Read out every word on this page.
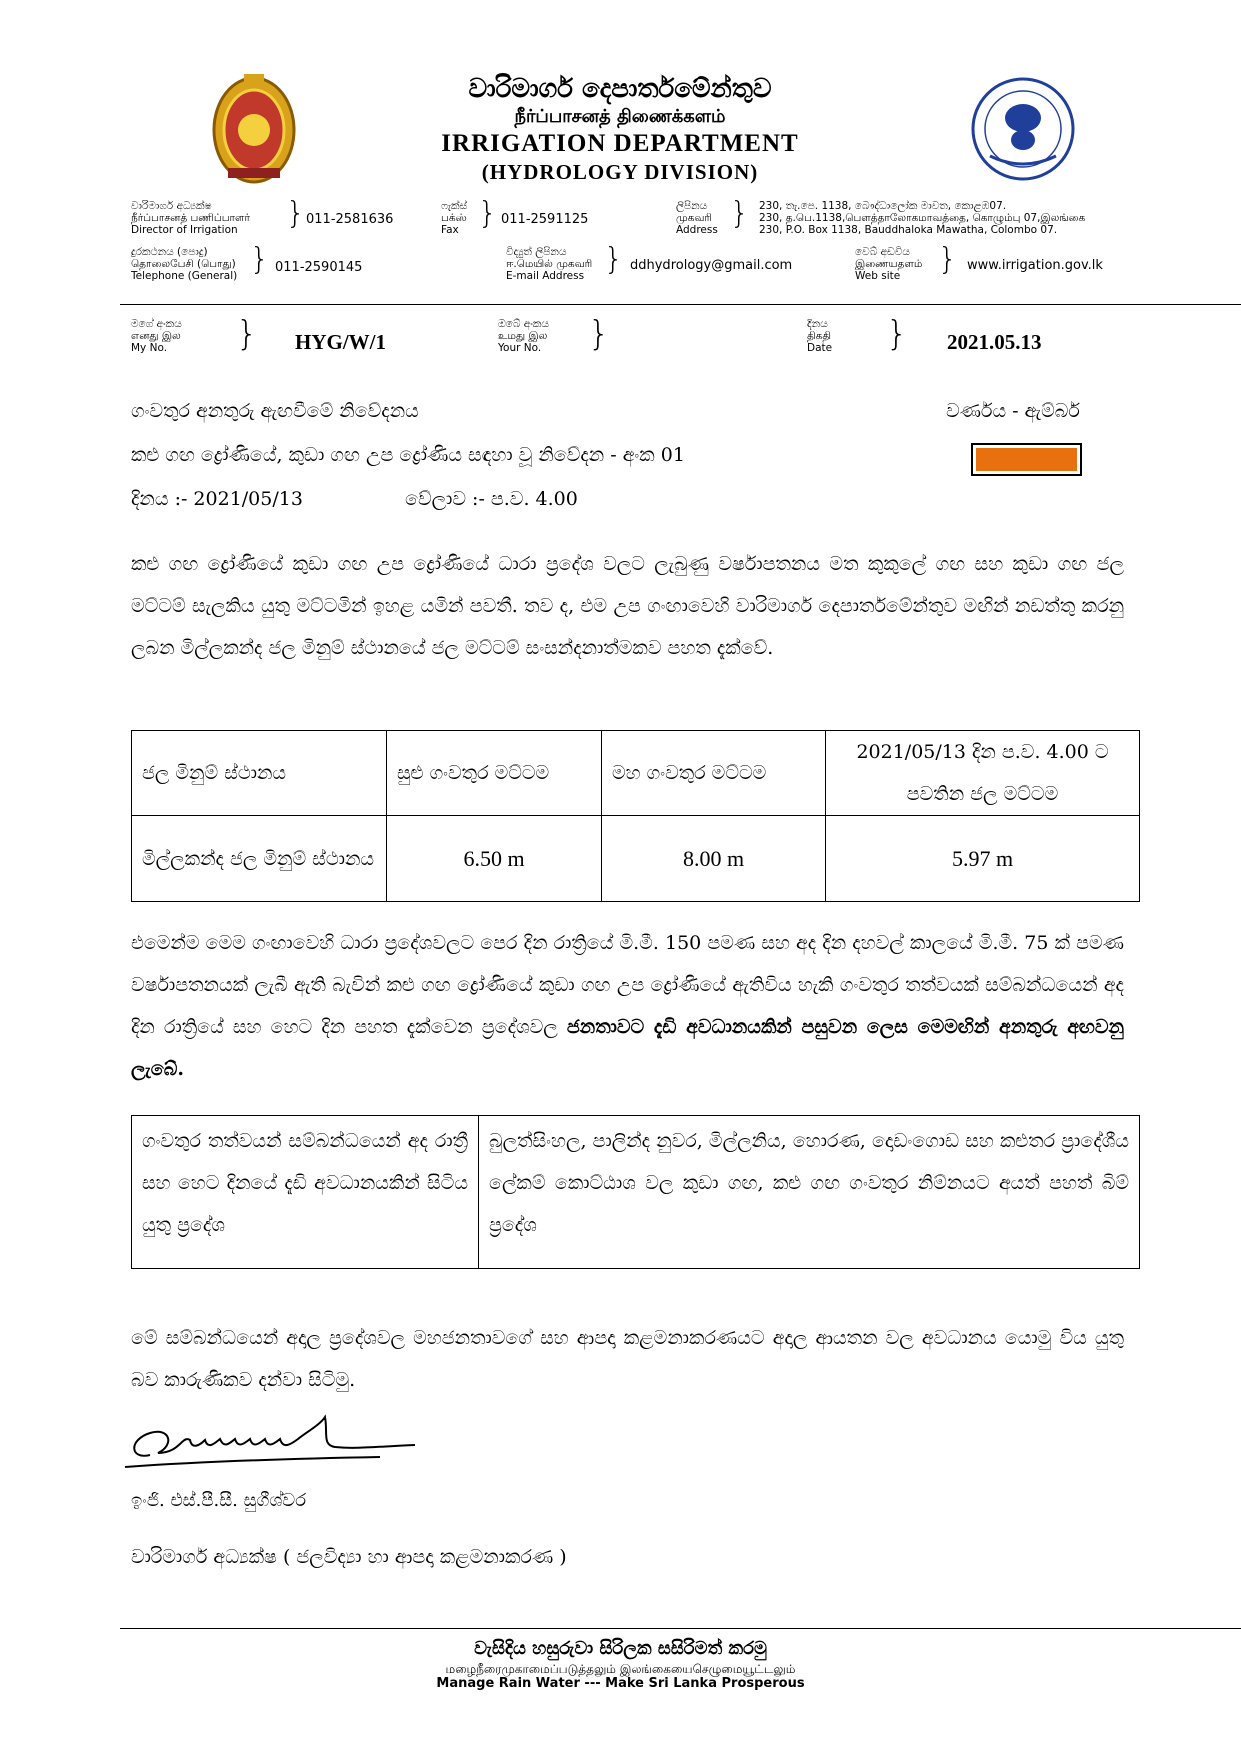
වාරිමාර්ග දෙපාර්තමේන්තුව
நீர்ப்பாசனத் திணைக்களம்
IRRIGATION DEPARTMENT
(HYDROLOGY DIVISION)
වාරිමාර්ග අධ්‍යක්ෂ
நீர்ப்பாசனத் பணிப்பாளர்
Director of Irrigation	} 011-2581636
ෆැක්ස්
பக்ஸ்
Fax } 011-2591125
ලිපිනය
முகவரி
Address } 230, තැ.පෙ. 1138, බෞද්ධාලෝක මාවත, කොළඹ07.
230, த.பெ.1138,பௌத்தாலோகமாவத்தை, கொழும்பு 07,இலங்கை
230, P.O. Box 1138, Bauddhaloka Mawatha, Colombo 07.
දුරකථනය (පොදු)
தொலைபேசி (பொது)
Telephone (General) } 011-2590145
විද්‍යුත් ලිපිනය
ஈ.மெயில் முகவரி
E-mail Address } ddhydrology@gmail.com
වෙබ් අඩවිය
இணையதளம்
Web site	} www.irrigation.gov.lk
මගේ අංකය
எனது இல
My No.	} HYG/W/1
ඔබේ අංකය
உமது இல
Your No. }	දිනය
திகதி
Date } 2021.05.13
ගංවතුර අනතුරු ඇඟවීමේ නිවේදනය	වර්ණය - ඇම්බර්
කළු ගඟ ද්‍රෝණියේ, කුඩා ගඟ උප ද්‍රෝණිය සඳහා වූ නිවේදන - අංක 01
දිනය :- 2021/05/13	වේලාව :- ප.ව. 4.00
කළු ගඟ ද්‍රෝණියේ කුඩා ගඟ උප ද්‍රෝණියේ ධාරා ප්‍රදේශ වලට ලැබුණු වර්ෂාපතනය මත කුකුලේ ගඟ සහ කුඩා ගඟ ජල මට්ටම් සැලකිය යුතු මට්ටමින් ඉහළ යමින් පවතී. තව ද, එම උප ගංඟාවෙහි වාරිමාර්ග දෙපාර්තමේන්තුව මඟින් නඩත්තු කරනු ලබන මිල්ලකන්ද ජල මිනුම් ස්ථානයේ ජල මට්ටම් සංසන්දනාත්මකව පහත දැක්වේ.
ජල මිනුම් ස්ථානය	සුළු ගංවතුර මට්ටම	මහ ගංවතුර මට්ටම	2021/05/13 දින ප.ව. 4.00 ට පවතින ජල මට්ටම
මිල්ලකන්ද ජල මිනුම් ස්ථානය	6.50 m	8.00 m	5.97 m
එමෙන්ම මෙම ගංඟාවෙහි ධාරා ප්‍රදේශවලට පෙර දින රාත්‍රියේ මි.මී. 150 පමණ සහ අද දින දහවල් කාලයේ මි.මී. 75 ක් පමණ වර්ෂාපතනයක් ලැබී ඇති බැවින් කළු ගඟ ද්‍රෝණියේ කුඩා ගඟ උප ද්‍රෝණියේ ඇතිවිය හැකි ගංවතුර තත්වයක් සම්බන්ධයෙන් අද දින රාත්‍රියේ සහ හෙට දින පහත දැක්වෙන ප්‍රදේශවල ජනතාවට දැඩි අවධානයකින් පසුවන ලෙස මෙමඟින් අනතුරු අඟවනු ලැබේ.
ගංවතුර තත්වයන් සම්බන්ධයෙන් අද රාත්‍රී සහ හෙට දිනයේ දැඩි අවධානයකින් සිටිය යුතු ප්‍රදේශ	බුලත්සිංහල, පාලින්ද නුවර, මිල්ලනිය, හොරණ, දොඩංගොඩ සහ කළුතර ප්‍රාදේශීය ලේකම් කොට්ඨාශ වල කුඩා ගඟ, කළු ගඟ ගංවතුර නිම්නයට අයත් පහත් බිම් ප්‍රදේශ
මේ සම්බන්ධයෙන් අදාල ප්‍රදේශවල මහජනතාවගේ සහ ආපදා කළමනාකරණයට අදාල ආයතන වල අවධානය යොමු විය යුතු බව කාරුණිකව දන්වා සිටිමු.
ඉංජි. එස්.පී.සී. සුගීශ්වර
වාරිමාර්ග අධ්‍යක්ෂ ( ජලවිද්‍යා හා ආපදා කළමනාකරණ )
වැසිදිය හසුරුවා සිරිලක සසිරිමත් කරමු
மழைநீரைமுகாமைப்படுத்தலும் இலங்கையைசெழுமையூட்டலும்
Manage Rain Water --- Make Sri Lanka Prosperous
